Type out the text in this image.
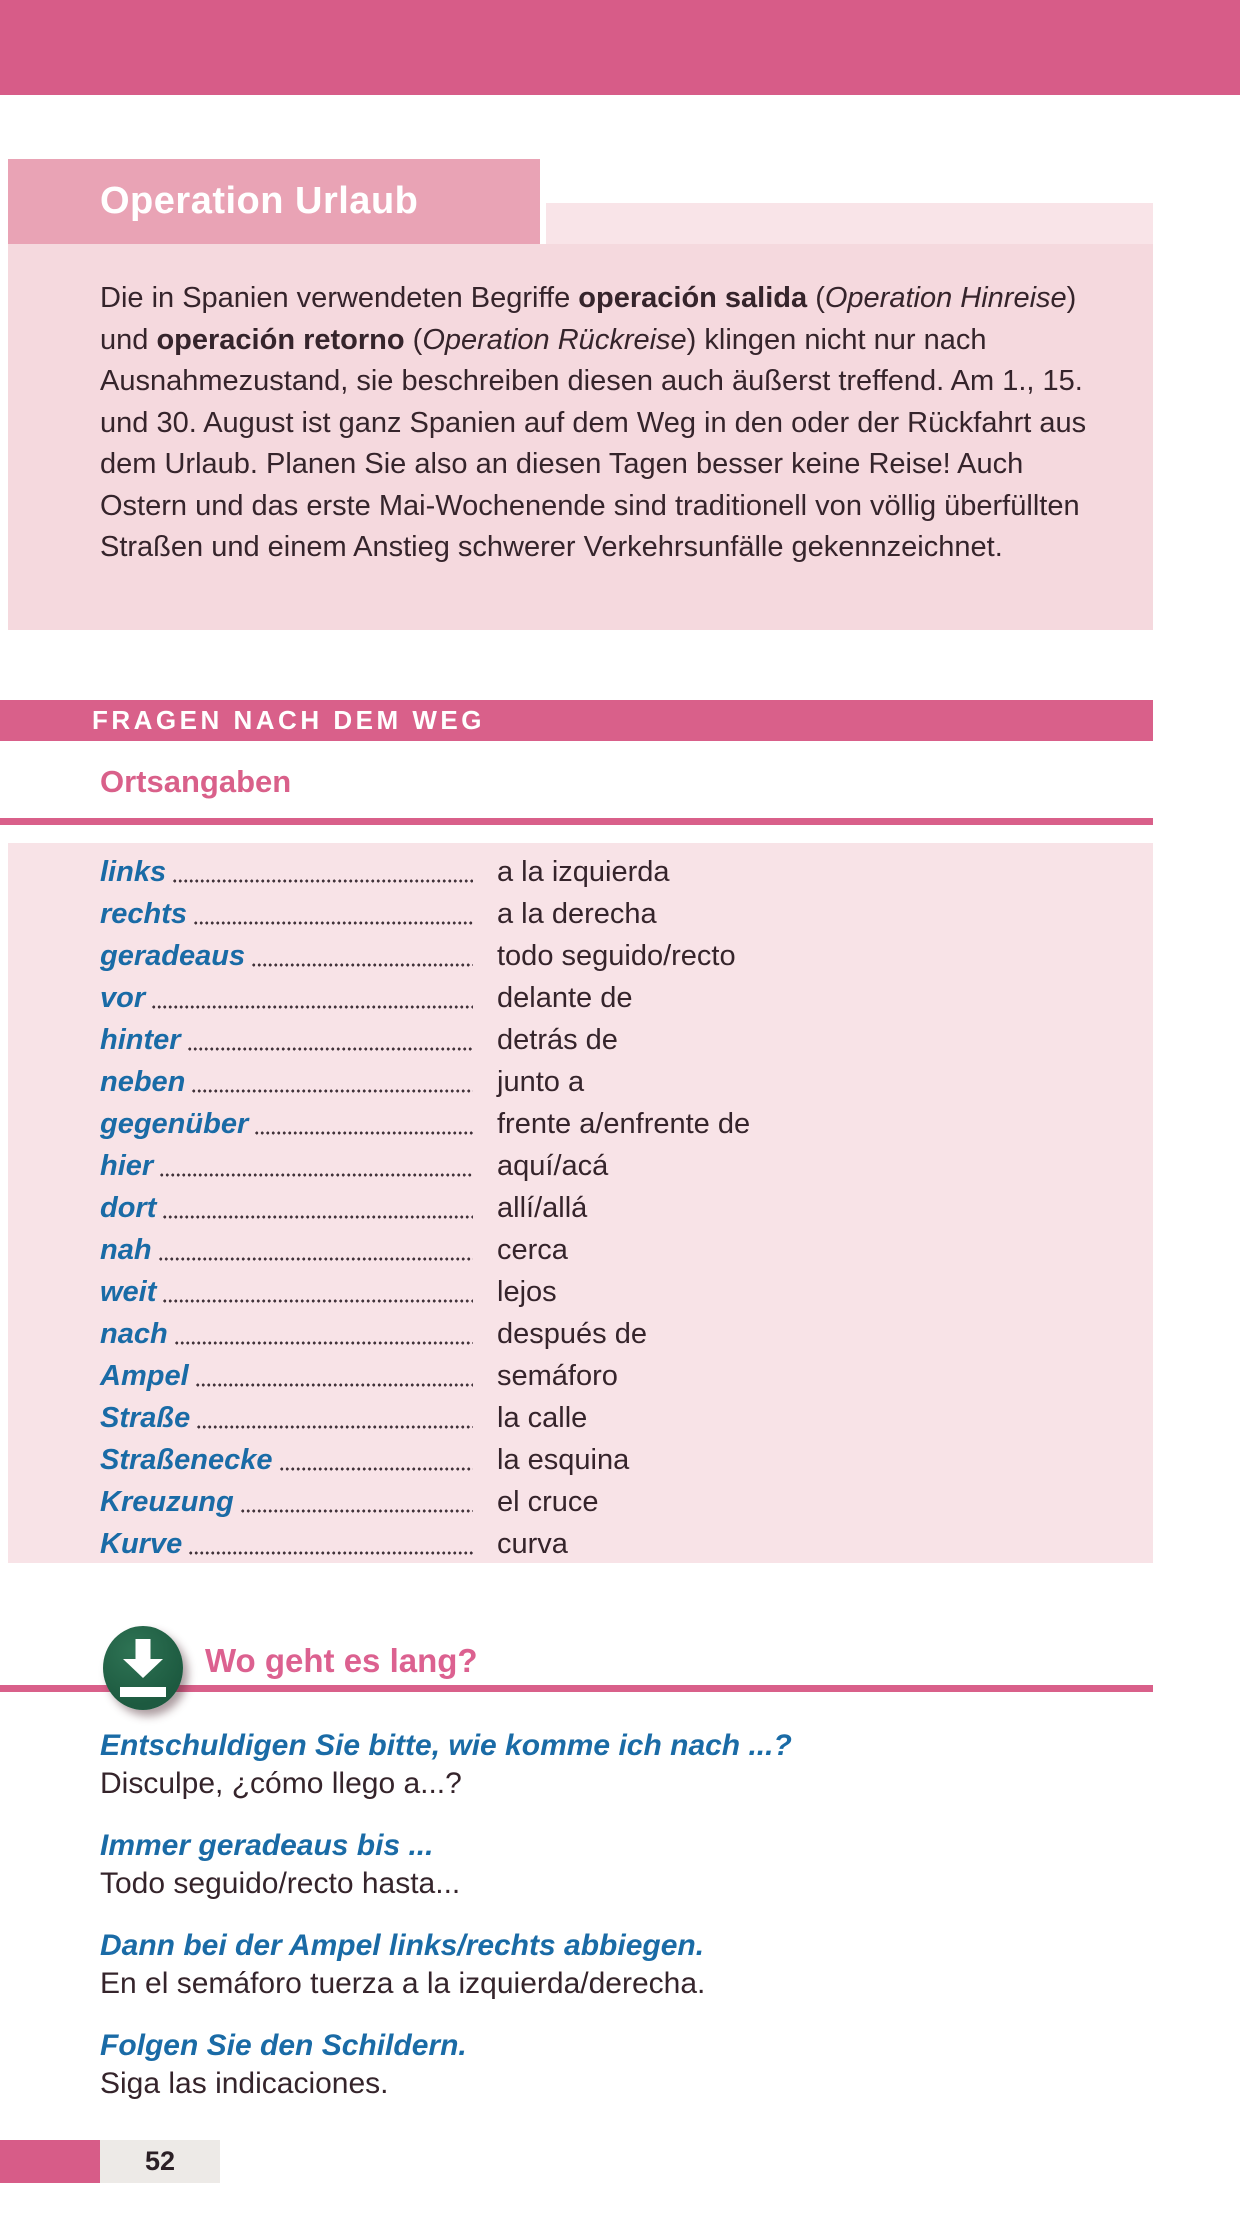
Operation Urlaub

Die in Spanien verwendeten Begriffe operación salida (Operation Hinreise) und operación retorno (Operation Rückreise) klingen nicht nur nach Ausnahmezustand, sie beschreiben diesen auch äußerst treffend. Am 1., 15. und 30. August ist ganz Spanien auf dem Weg in den oder der Rückfahrt aus dem Urlaub. Planen Sie also an diesen Tagen besser keine Reise! Auch Ostern und das erste Mai-Wochenende sind traditionell von völlig überfüllten Straßen und einem Anstieg schwerer Verkehrsunfälle gekennzeichnet.

FRAGEN NACH DEM WEG
Ortsangaben
links	a la izquierda
rechts	a la derecha
geradeaus	todo seguido/recto
vor	delante de
hinter	detrás de
neben	junto a
gegenüber	frente a/enfrente de
hier	aquí/acá
dort	allí/allá
nah	cerca
weit	lejos
nach	después de
Ampel	semáforo
Straße	la calle
Straßenecke	la esquina
Kreuzung	el cruce
Kurve	curva
Wo geht es lang?

Entschuldigen Sie bitte, wie komme ich nach ...?

Disculpe, ¿cómo llego a...?

Immer geradeaus bis ...

Todo seguido/recto hasta...

Dann bei der Ampel links/rechts abbiegen.

En el semáforo tuerza a la izquierda/derecha.

Folgen Sie den Schildern.

Siga las indicaciones.

52
